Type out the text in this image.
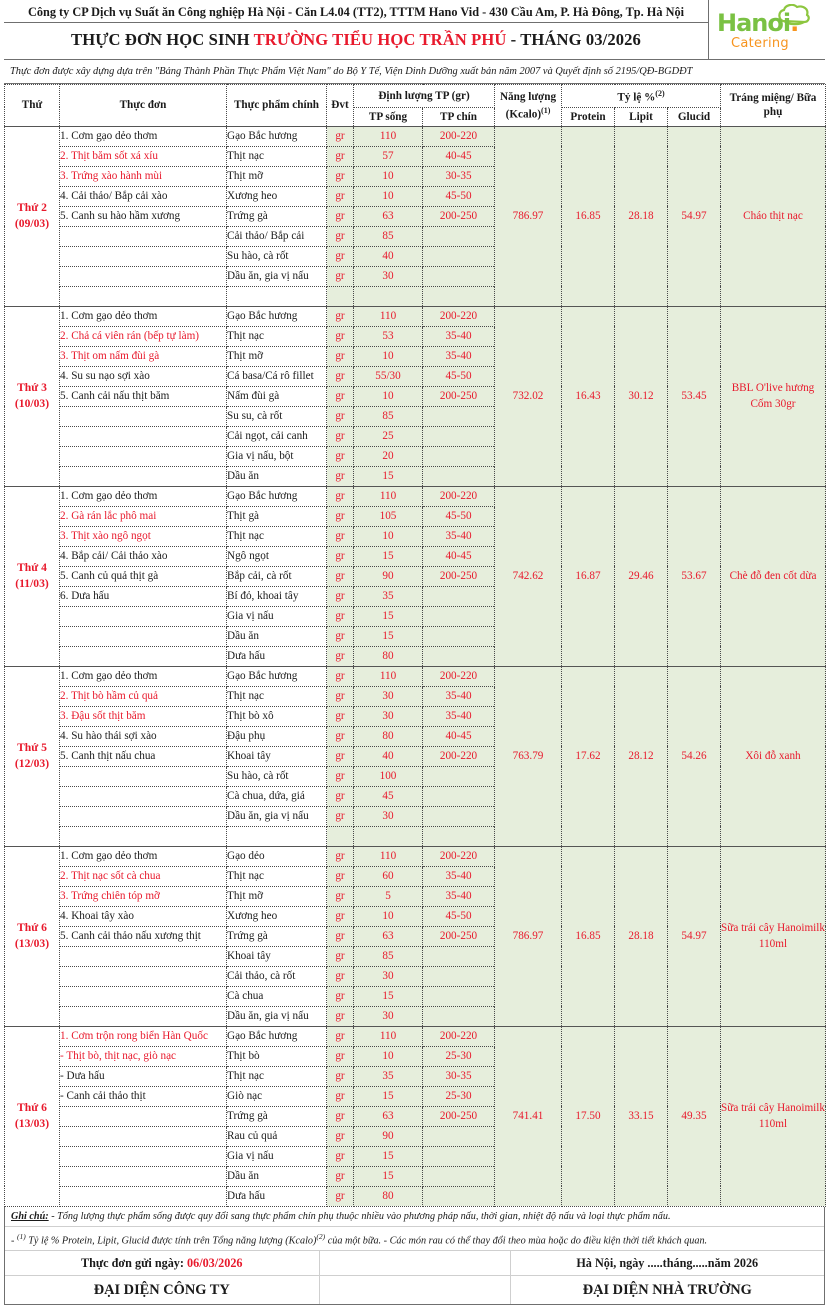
Công ty CP Dịch vụ Suất ăn Công nghiệp Hà Nội - Căn L4.04 (TT2), TTTM Hano Vid - 430 Cầu Am, P. Hà Đông, Tp. Hà Nội
THỰC ĐƠN HỌC SINH TRƯỜNG TIỂU HỌC TRẦN PHÚ - THÁNG 03/2026
Hanoi.
Catering
Thực đơn được xây dựng dựa trên "Bảng Thành Phần Thực Phẩm Việt Nam" do Bộ Y Tế, Viện Dinh Dưỡng xuất bản năm 2007 và Quyết định số 2195/QĐ-BGDĐT
Thứ	Thực đơn	Thực phẩm chính	Đvt	Định lượng TP (gr)		Năng lượng (Kcalo)$^{(1)}$	Tỷ lệ %$^{(2)}$			Tráng miệng/ Bữa phụ
				TP sống	TP chín		Protein	Lipit	Glucid	

Thứ 2
(09/03)	1. Cơm gạo dẻo thơm	Gạo Bắc hương	gr	110	200-220	786.97	16.85	28.18	54.97	Cháo thịt nạc
	2. Thịt băm sốt xá xíu	Thịt nạc	gr	57	40-45					
	3. Trứng xào hành mùi	Thịt mỡ	gr	10	30-35					
	4. Cải thảo/ Bắp cải xào	Xương heo	gr	10	45-50					
	5. Canh su hào hầm xương	Trứng gà	gr	63	200-250					
		Cải thảo/ Bắp cải	gr	85						
		Su hào, cà rốt	gr	40						
		Dầu ăn, gia vị nấu	gr	30						

Thứ 3
(10/03)	1. Cơm gạo dẻo thơm	Gạo Bắc hương	gr	110	200-220	732.02	16.43	30.12	53.45	BBL O'live hương Cốm 30gr
	2. Chả cá viên rán (bếp tự làm)	Thịt nạc	gr	53	35-40					
	3. Thịt om nấm đùi gà	Thịt mỡ	gr	10	35-40					
	4. Su su nạo sợi xào	Cá basa/Cá rô fillet	gr	55/30	45-50					
	5. Canh cải nấu thịt băm	Nấm đùi gà	gr	10	200-250					
		Su su, cà rốt	gr	85						
		Cải ngọt, cải canh	gr	25						
		Gia vị nấu, bột	gr	20						
		Dầu ăn	gr	15						

Thứ 4
(11/03)	1. Cơm gạo dẻo thơm	Gạo Bắc hương	gr	110	200-220	742.62	16.87	29.46	53.67	Chè đỗ đen cốt dừa
	2. Gà rán lắc phô mai	Thịt gà	gr	105	45-50					
	3. Thịt xào ngô ngọt	Thịt nạc	gr	10	35-40					
	4. Bắp cải/ Cải thảo xào	Ngô ngọt	gr	15	40-45					
	5. Canh củ quả thịt gà	Bắp cải, cà rốt	gr	90	200-250					
	6. Dưa hấu	Bí đỏ, khoai tây	gr	35						
		Gia vị nấu	gr	15						
		Dầu ăn	gr	15						
		Dưa hấu	gr	80						

Thứ 5
(12/03)	1. Cơm gạo dẻo thơm	Gạo Bắc hương	gr	110	200-220	763.79	17.62	28.12	54.26	Xôi đỗ xanh
	2. Thịt bò hầm củ quả	Thịt nạc	gr	30	35-40					
	3. Đậu sốt thịt băm	Thịt bò xô	gr	30	35-40					
	4. Su hào thái sợi xào	Đậu phụ	gr	80	40-45					
	5. Canh thịt nấu chua	Khoai tây	gr	40	200-220					
		Su hào, cà rốt	gr	100						
		Cà chua, dứa, giá	gr	45						
		Dầu ăn, gia vị nấu	gr	30						

Thứ 6
(13/03)	1. Cơm gạo dẻo thơm	Gạo dẻo	gr	110	200-220	786.97	16.85	28.18	54.97	Sữa trái cây Hanoimilk 110ml
	2. Thịt nạc sốt cà chua	Thịt nạc	gr	60	35-40					
	3. Trứng chiên tóp mỡ	Thịt mỡ	gr	5	35-40					
	4. Khoai tây xào	Xương heo	gr	10	45-50					
	5. Canh cải thảo nấu xương thịt	Trứng gà	gr	63	200-250					
		Khoai tây	gr	85						
		Cải thảo, cà rốt	gr	30						
		Cà chua	gr	15						
		Dầu ăn, gia vị nấu	gr	30						

Thứ 6
(13/03)	1. Cơm trộn rong biển Hàn Quốc	Gạo Bắc hương	gr	110	200-220	741.41	17.50	33.15	49.35	Sữa trái cây Hanoimilk 110ml
	- Thịt bò, thịt nạc, giò nạc	Thịt bò	gr	10	25-30					
	- Dưa hấu	Thịt nạc	gr	35	30-35					
	- Canh cải thảo thịt	Giò nạc	gr	15	25-30					
		Trứng gà	gr	63	200-250					
		Rau củ quả	gr	90						
		Gia vị nấu	gr	15						
		Dầu ăn	gr	15						
		Dưa hấu	gr	80						
Ghi chú: - Tổng lượng thực phẩm sống được quy đổi sang thực phẩm chín phụ thuộc nhiều vào phương pháp nấu, thời gian, nhiệt độ nấu và loại thực phẩm nấu.
- $^{(1)}$ Tỷ lệ % Protein, Lipit, Glucid được tính trên Tổng năng lượng (Kcalo)$^{(2)}$ của một bữa. - Các món rau có thể thay đổi theo mùa hoặc do điều kiện thời tiết khách quan.
Thực đơn gửi ngày: 06/03/2026
ĐẠI DIỆN CÔNG TY

Hà Nội, ngày .....tháng.....năm 2026
ĐẠI DIỆN NHÀ TRƯỜNG
